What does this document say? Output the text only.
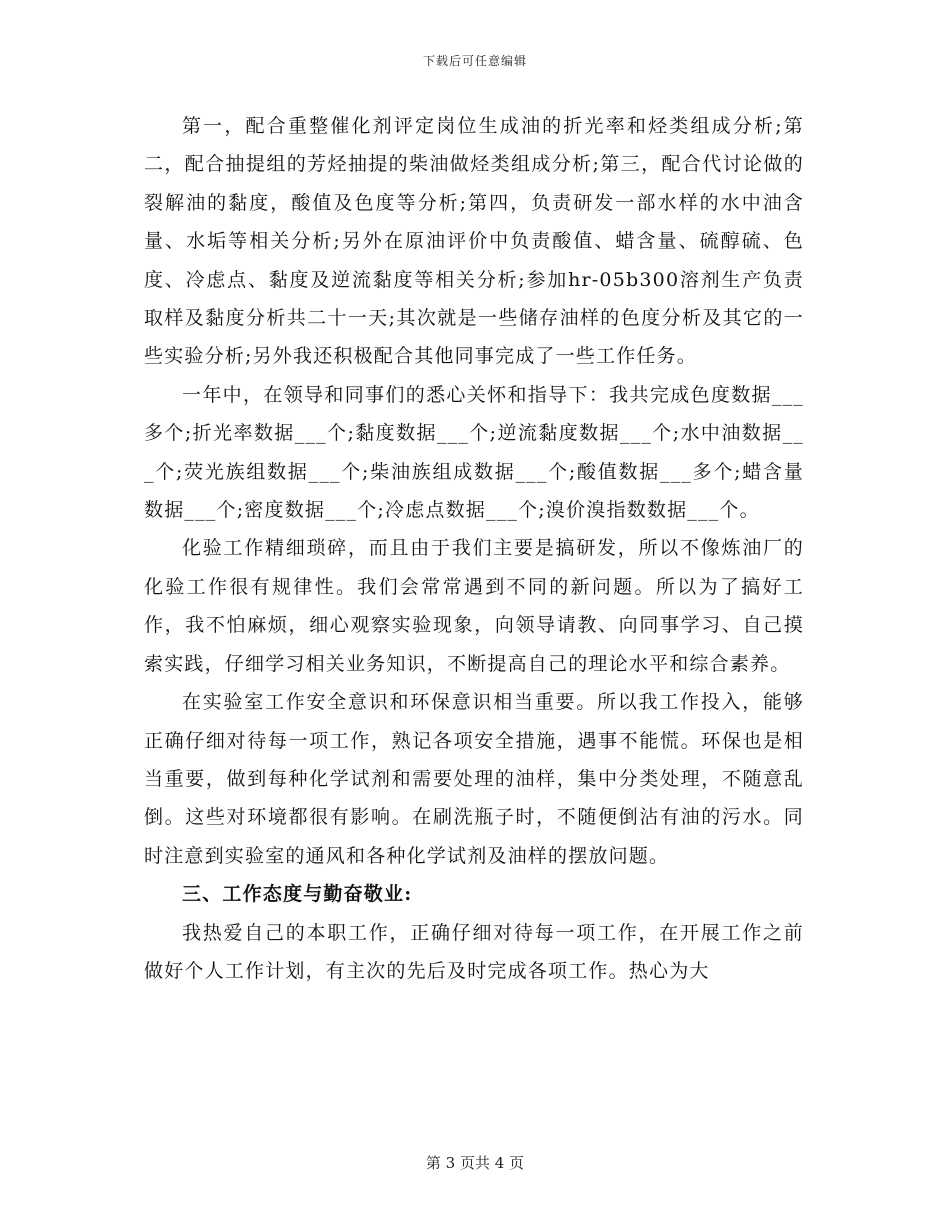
下载后可任意编辑

第一，配合重整催化剂评定岗位生成油的折光率和烃类组成分析;第二，配合抽提组的芳烃抽提的柴油做烃类组成分析;第三，配合代讨论做的裂解油的黏度，酸值及色度等分析;第四，负责研发一部水样的水中油含量、水垢等相关分析;另外在原油评价中负责酸值、蜡含量、硫醇硫、色度、冷虑点、黏度及逆流黏度等相关分析;参加hr-05b300溶剂生产负责取样及黏度分析共二十一天;其次就是一些储存油样的色度分析及其它的一些实验分析;另外我还积极配合其他同事完成了一些工作任务。

一年中，在领导和同事们的悉心关怀和指导下：我共完成色度数据___多个;折光率数据___个;黏度数据___个;逆流黏度数据___个;水中油数据___个;荧光族组数据___个;柴油族组成数据___个;酸值数据___多个;蜡含量数据___个;密度数据___个;冷虑点数据___个;溴价溴指数数据___个。

化验工作精细琐碎，而且由于我们主要是搞研发，所以不像炼油厂的化验工作很有规律性。我们会常常遇到不同的新问题。所以为了搞好工作，我不怕麻烦，细心观察实验现象，向领导请教、向同事学习、自己摸索实践，仔细学习相关业务知识，不断提高自己的理论水平和综合素养。

在实验室工作安全意识和环保意识相当重要。所以我工作投入，能够正确仔细对待每一项工作，熟记各项安全措施，遇事不能慌。环保也是相当重要，做到每种化学试剂和需要处理的油样，集中分类处理，不随意乱倒。这些对环境都很有影响。在刷洗瓶子时，不随便倒沾有油的污水。同时注意到实验室的通风和各种化学试剂及油样的摆放问题。

三、工作态度与勤奋敬业:

我热爱自己的本职工作，正确仔细对待每一项工作，在开展工作之前做好个人工作计划，有主次的先后及时完成各项工作。热心为大

第 3 页共 4 页
